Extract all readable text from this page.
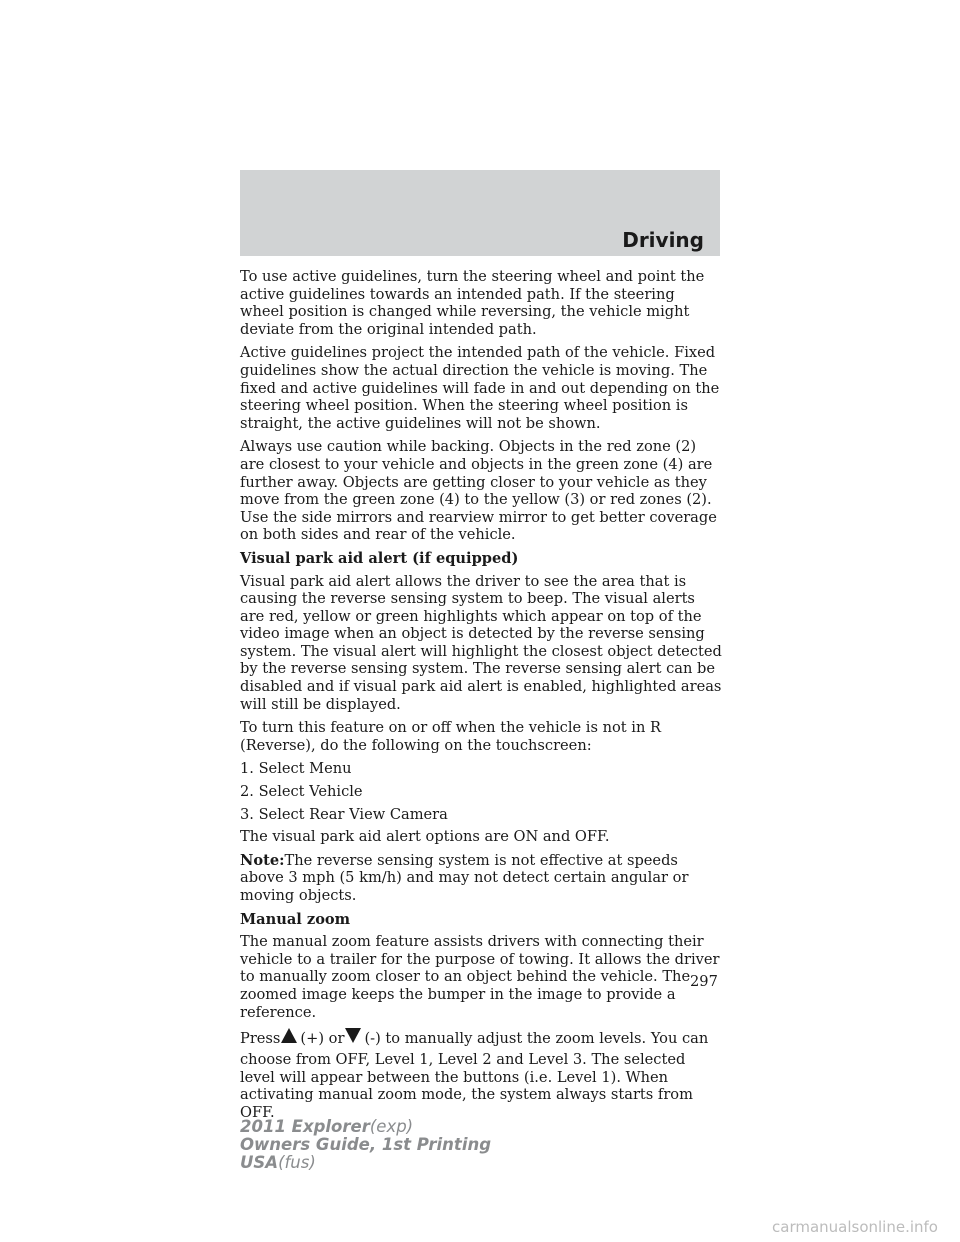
Driving

To use active guidelines, turn the steering wheel and point the active guidelines towards an intended path. If the steering wheel position is changed while reversing, the vehicle might deviate from the original intended path.

Active guidelines project the intended path of the vehicle. Fixed guidelines show the actual direction the vehicle is moving. The fixed and active guidelines will fade in and out depending on the steering wheel position. When the steering wheel position is straight, the active guidelines will not be shown.

Always use caution while backing. Objects in the red zone (2) are closest to your vehicle and objects in the green zone (4) are further away. Objects are getting closer to your vehicle as they move from the green zone (4) to the yellow (3) or red zones (2). Use the side mirrors and rearview mirror to get better coverage on both sides and rear of the vehicle.

Visual park aid alert (if equipped)

Visual park aid alert allows the driver to see the area that is causing the reverse sensing system to beep. The visual alerts are red, yellow or green highlights which appear on top of the video image when an object is detected by the reverse sensing system. The visual alert will highlight the closest object detected by the reverse sensing system. The reverse sensing alert can be disabled and if visual park aid alert is enabled, highlighted areas will still be displayed.

To turn this feature on or off when the vehicle is not in R (Reverse), do the following on the touchscreen:

1. Select Menu

2. Select Vehicle

3. Select Rear View Camera

The visual park aid alert options are ON and OFF.

Note:The reverse sensing system is not effective at speeds above 3 mph (5 km/h) and may not detect certain angular or moving objects.

Manual zoom

The manual zoom feature assists drivers with connecting their vehicle to a trailer for the purpose of towing. It allows the driver to manually zoom closer to an object behind the vehicle. The zoomed image keeps the bumper in the image to provide a reference.

Press (+) or (-) to manually adjust the zoom levels. You can

choose from OFF, Level 1, Level 2 and Level 3. The selected level will appear between the buttons (i.e. Level 1). When activating manual zoom mode, the system always starts from OFF.

297
2011 Explorer(exp)
Owners Guide, 1st Printing
USA(fus)
carmanualsonline.info
